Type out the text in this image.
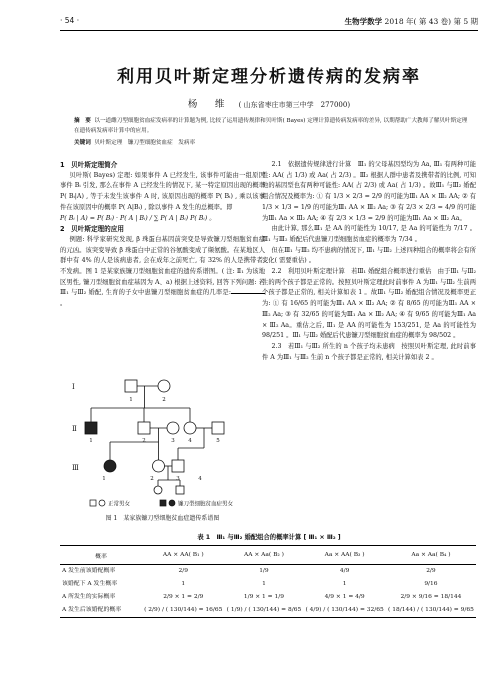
· 54 ·	生物学数学 2018 年( 第 43 卷) 第 5 期
利用贝叶斯定理分析遗传病的发病率
杨　维 ( 山东省枣庄市第三中学　277000)
摘　要 以一道雌刀型细胞贫血症发病率的计算题为例, 比较了运用遗传规律和贝叶斯( Bayes) 定理计算遗传病发病率的差异, 以期帮助广大教师了解贝叶斯定理在遗传病发病率计算中的应用。
关键词 贝叶斯定理　镰刀型细胞贫血症　发病率

1　贝叶斯定理简介

贝叶斯( Bayes) 定理: 如果事件 A 已经发生, 该事件可能由一组原因事件 Bᵢ 引发, 那么在事件 A 已经发生的情况下, 某一特定原因出现的概率 P( Bᵢ|A) , 等于未发生该事件 A 时, 该原因出现的概率 P( Bᵢ) , 乘以该事件在该原因中的概率 P( A|Bᵢ) , 除以事件 A 发生的总概率。即

P( Bᵢ | A) = P( Bᵢ) · P( A | Bᵢ) / ∑ P( A | Bᵢ) P( Bᵢ) 。

2　贝叶斯定理的应用

例题: 科学家研究发现, β 珠蛋白基因前突变是导致镰刀型细胞贫血症的元凶。该突变导致 β 珠蛋白中正常的谷氨酸变成了缬氨酸。在某地区人群中有 4% 的人是该病患者, 会在成年之前死亡, 有 32% 的人是携带者, 不发病。图 1 是某家族镰刀型细胞贫血症的遗传系谱图。( 注: Ⅱ₁ 为该地区男性, 镰刀型细胞贫血症基因为 A、a) 根据上述资料, 回答下列问题: 若Ⅲ₁ 与Ⅲ₂ 婚配, 生育的子女中患镰刀型细胞贫血症的几率是:。

Ⅰ
Ⅱ
Ⅲ
1	2
1	2	3 4	5
1	2	3	4
正常男女	镰刀型细胞贫血症男女
图 1　某家族镰刀型细胞贫血症遗传系谱图

2.1　依据遗传规律进行计算　Ⅲ₁ 的父母基因型均为 Aa, Ⅲ₁ 有两种可能性: AA( 占 1/3) 或 Aa( 占 2/3) 。Ⅲ₂ 根据人群中患者及携带者的比例, 可知他的基因型也有两种可能性: AA( 占 2/3) 或 Aa( 占 1/3) 。故Ⅲ₁ 与Ⅲ₂ 婚配组合情况及概率为: ① 有 1/3 × 2/3 = 2/9 的可能为Ⅲ₁ AA × Ⅲ₂ AA; ② 有 1/3 × 1/3 = 1/9 的可能为Ⅲ₁ AA × Ⅲ₂ Aa; ③ 有 2/3 × 2/3 = 4/9 的可能为Ⅲ₁ Aa × Ⅲ₂ AA; ④ 有 2/3 × 1/3 = 2/9 的可能为Ⅲ₁ Aa × Ⅲ₂ Aa。

由此计算, 那么Ⅲ₁ 是 AA 的可能性为 10/17, 是 Aa 的可能性为 7/17 。Ⅲ₁ 与Ⅲ₂ 婚配后代患镰刀型细胞贫血症的概率为 7/34 。

但在Ⅲ₁ 与Ⅲ₂ 均不患病的情况下, Ⅲ₁ 与Ⅲ₂ 上述四种组合的概率将会有所变化( 需要重估) 。

2.2　利用贝叶斯定理计算　若Ⅲ₁ 婚配组合概率进行重估　由于Ⅲ₁ 与Ⅲ₂ 生的两个孩子都是正常的。按照贝叶斯定理此时前事件 A 为Ⅲ₁ 与Ⅲ₂ 生前两个孩子都是正常的, 相关计算如表 1 。故Ⅲ₁ 与Ⅲ₂ 婚配组合情况及概率更正为: ① 有 16/65 的可能为Ⅲ₁ AA × Ⅲ₂ AA; ② 有 8/65 的可能为Ⅲ₁ AA × Ⅲ₂ Aa; ③ 有 32/65 的可能为Ⅲ₁ Aa × Ⅲ₂ AA; ④ 有 9/65 的可能为Ⅲ₁ Aa × Ⅲ₂ Aa。重估之后, Ⅲ₁ 是 AA 的可能性为 153/251, 是 Aa 的可能性为 98/251 。Ⅲ₁ 与Ⅲ₂ 婚配后代患镰刀型细胞贫血症的概率为 98/502 。

2.3　若Ⅲ₁ 与Ⅲ₂ 所生的 n 个孩子均未患病　按照贝叶斯定理, 此时前事件 A 为Ⅲ₁ 与Ⅲ₂ 生前 n 个孩子都是正常的, 相关计算如表 2 。

表 1　Ⅲ₁ 与Ⅲ₂ 婚配组合的概率计算 [ Ⅲ₁ × Ⅲ₂ ]
概率	AA × AA( B₁ )	AA × Aa( B₂ )	Aa × AA( B₃ )	Aa × Aa( B₄ )
A 发生前该婚配概率	2/9	1/9	4/9	2/9
该婚配下 A 发生概率	1	1	1	9/16
A 所发生的实际概率	2/9 × 1 = 2/9	1/9 × 1 = 1/9	4/9 × 1 = 4/9	2/9 × 9/16 = 18/144
A 发生后该婚配的概率	( 2/9) / ( 130/144) = 16/65	( 1/9) / ( 130/144) = 8/65	( 4/9) / ( 130/144) = 32/65	( 18/144) / ( 130/144) = 9/65
